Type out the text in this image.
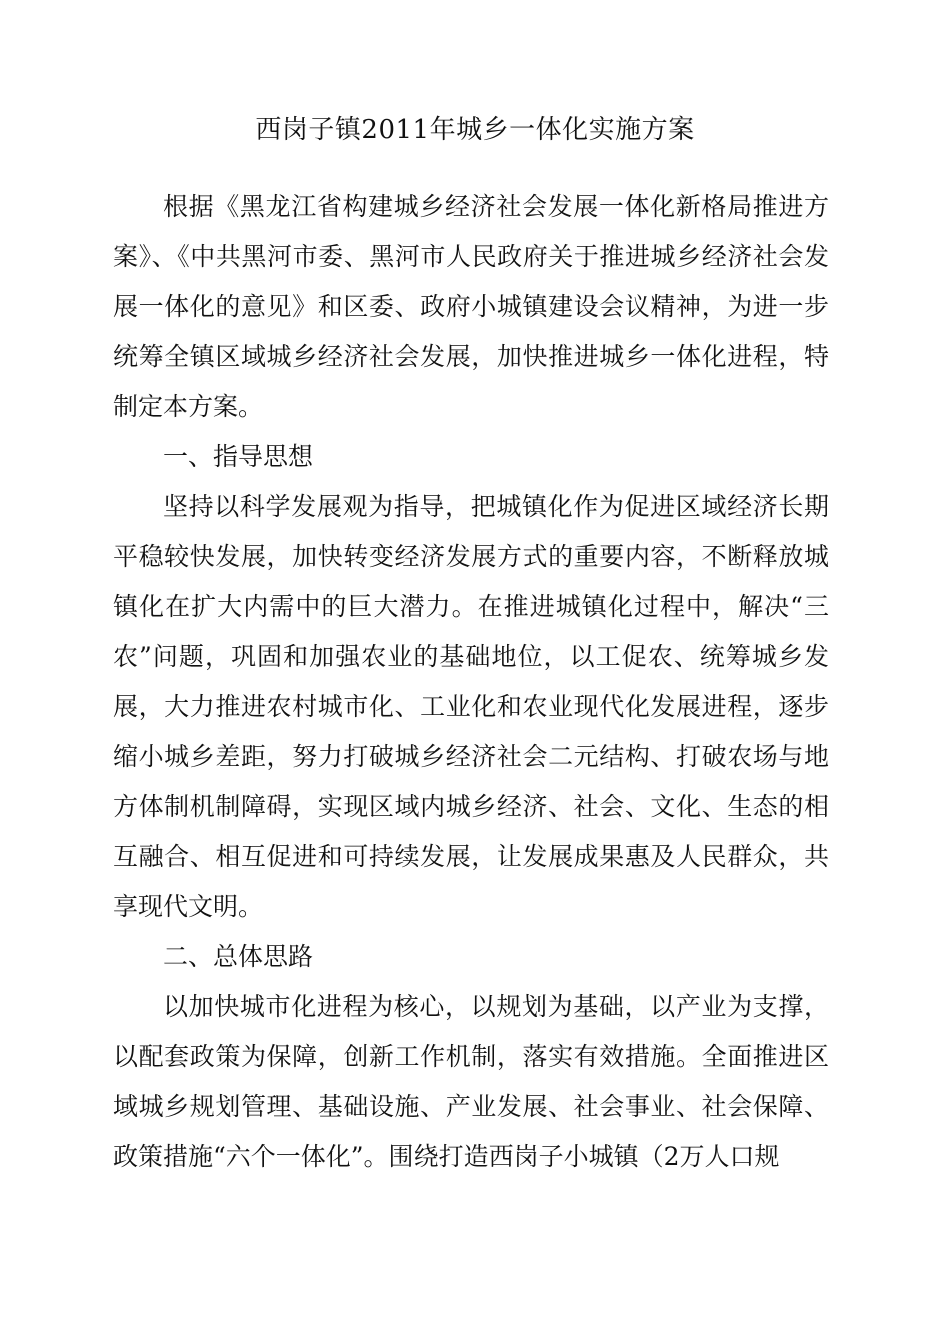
西岗子镇2011年城乡一体化实施方案

根据《黑龙江省构建城乡经济社会发展一体化新格局推进方案》、《中共黑河市委、黑河市人民政府关于推进城乡经济社会发展一体化的意见》和区委、政府小城镇建设会议精神，为进一步统筹全镇区域城乡经济社会发展，加快推进城乡一体化进程，特制定本方案。

一、指导思想

坚持以科学发展观为指导，把城镇化作为促进区域经济长期平稳较快发展，加快转变经济发展方式的重要内容，不断释放城镇化在扩大内需中的巨大潜力。在推进城镇化过程中，解决“三农”问题，巩固和加强农业的基础地位，以工促农、统筹城乡发展，大力推进农村城市化、工业化和农业现代化发展进程，逐步缩小城乡差距，努力打破城乡经济社会二元结构、打破农场与地方体制机制障碍，实现区域内城乡经济、社会、文化、生态的相互融合、相互促进和可持续发展，让发展成果惠及人民群众，共享现代文明。

二、总体思路

以加快城市化进程为核心，以规划为基础，以产业为支撑，以配套政策为保障，创新工作机制，落实有效措施。全面推进区域城乡规划管理、基础设施、产业发展、社会事业、社会保障、政策措施“六个一体化”。围绕打造西岗子小城镇（2万人口规
